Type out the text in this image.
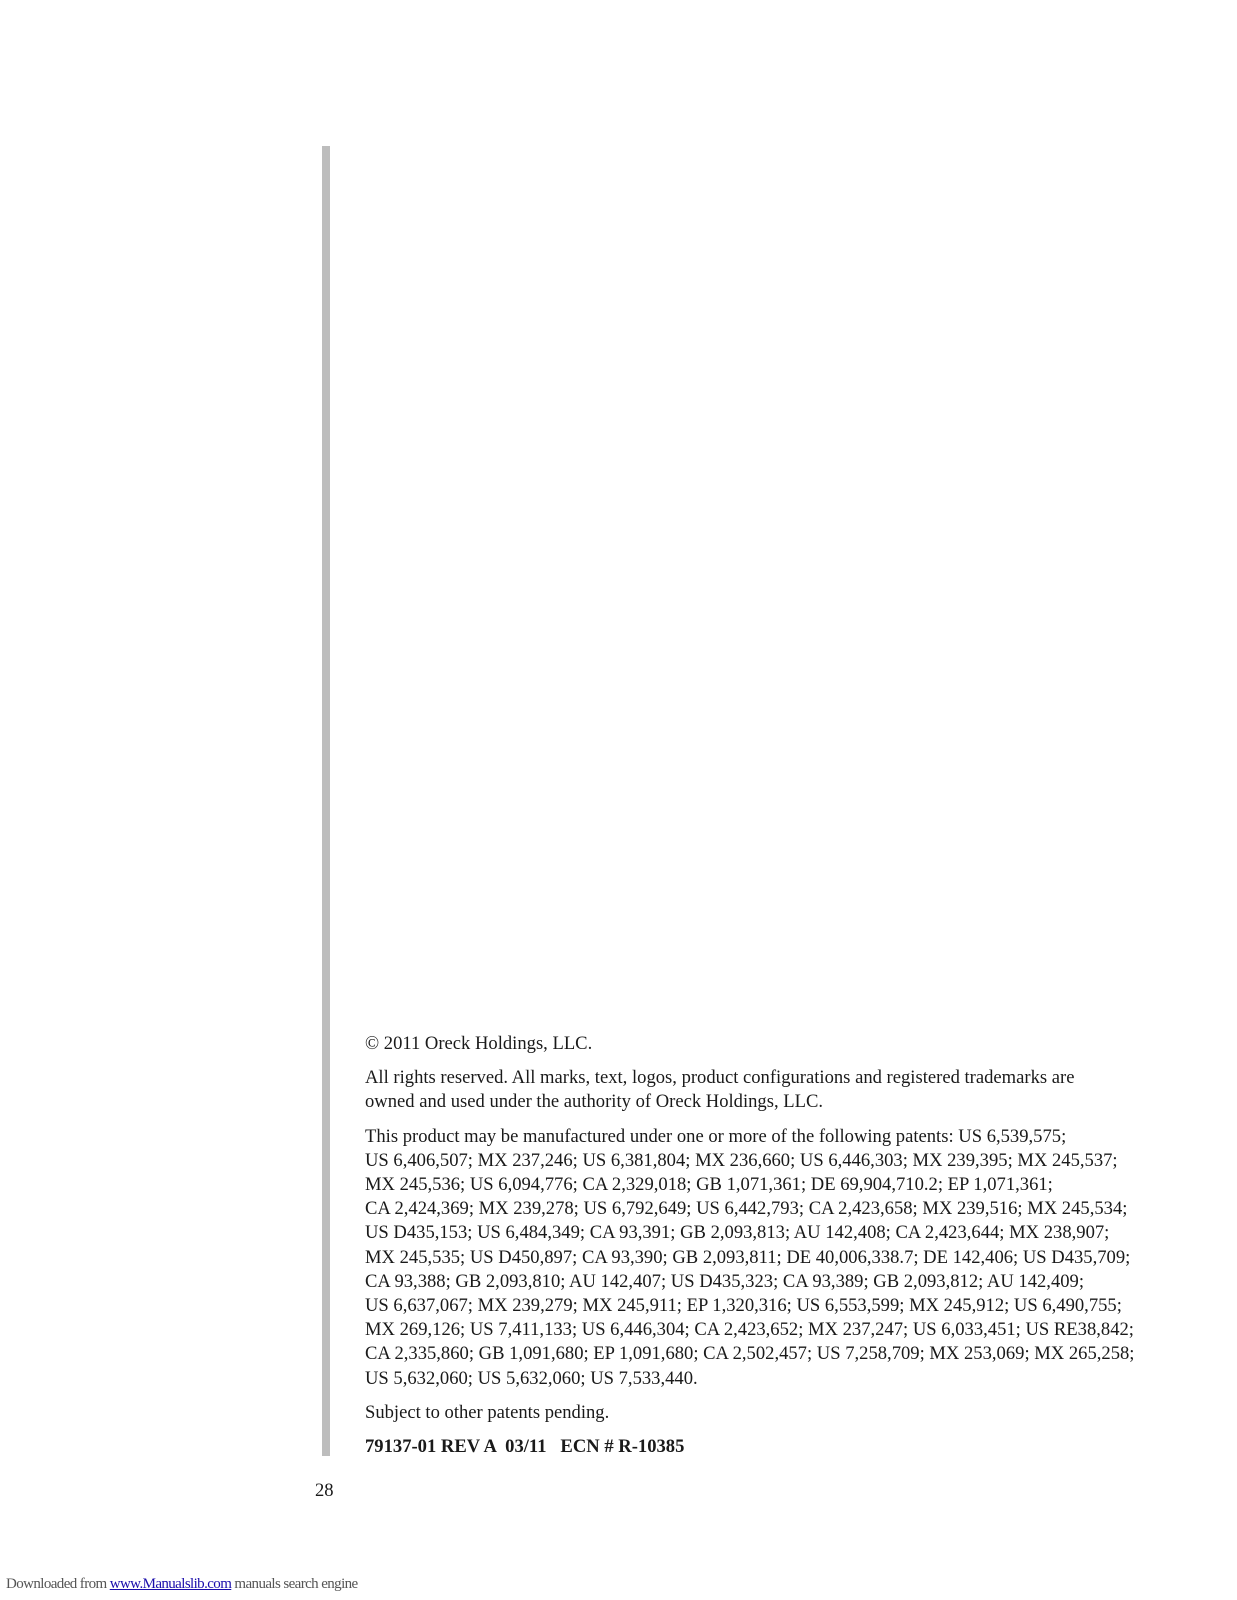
© 2011 Oreck Holdings, LLC.

All rights reserved. All marks, text, logos, product configurations and registered trademarks are
owned and used under the authority of Oreck Holdings, LLC.

This product may be manufactured under one or more of the following patents: US 6,539,575;
US 6,406,507; MX 237,246; US 6,381,804; MX 236,660; US 6,446,303; MX 239,395; MX 245,537;
MX 245,536; US 6,094,776; CA 2,329,018; GB 1,071,361; DE 69,904,710.2; EP 1,071,361;
CA 2,424,369; MX 239,278; US 6,792,649; US 6,442,793; CA 2,423,658; MX 239,516; MX 245,534;
US D435,153; US 6,484,349; CA 93,391; GB 2,093,813; AU 142,408; CA 2,423,644; MX 238,907;
MX 245,535; US D450,897; CA 93,390; GB 2,093,811; DE 40,006,338.7; DE 142,406; US D435,709;
CA 93,388; GB 2,093,810; AU 142,407; US D435,323; CA 93,389; GB 2,093,812; AU 142,409;
US 6,637,067; MX 239,279; MX 245,911; EP 1,320,316; US 6,553,599; MX 245,912; US 6,490,755;
MX 269,126; US 7,411,133; US 6,446,304; CA 2,423,652; MX 237,247; US 6,033,451; US RE38,842;
CA 2,335,860; GB 1,091,680; EP 1,091,680; CA 2,502,457; US 7,258,709; MX 253,069; MX 265,258;
US 5,632,060; US 5,632,060; US 7,533,440.

Subject to other patents pending.

79137-01 REV A  03/11   ECN # R-10385

28
Downloaded from www.Manualslib.com manuals search engine
